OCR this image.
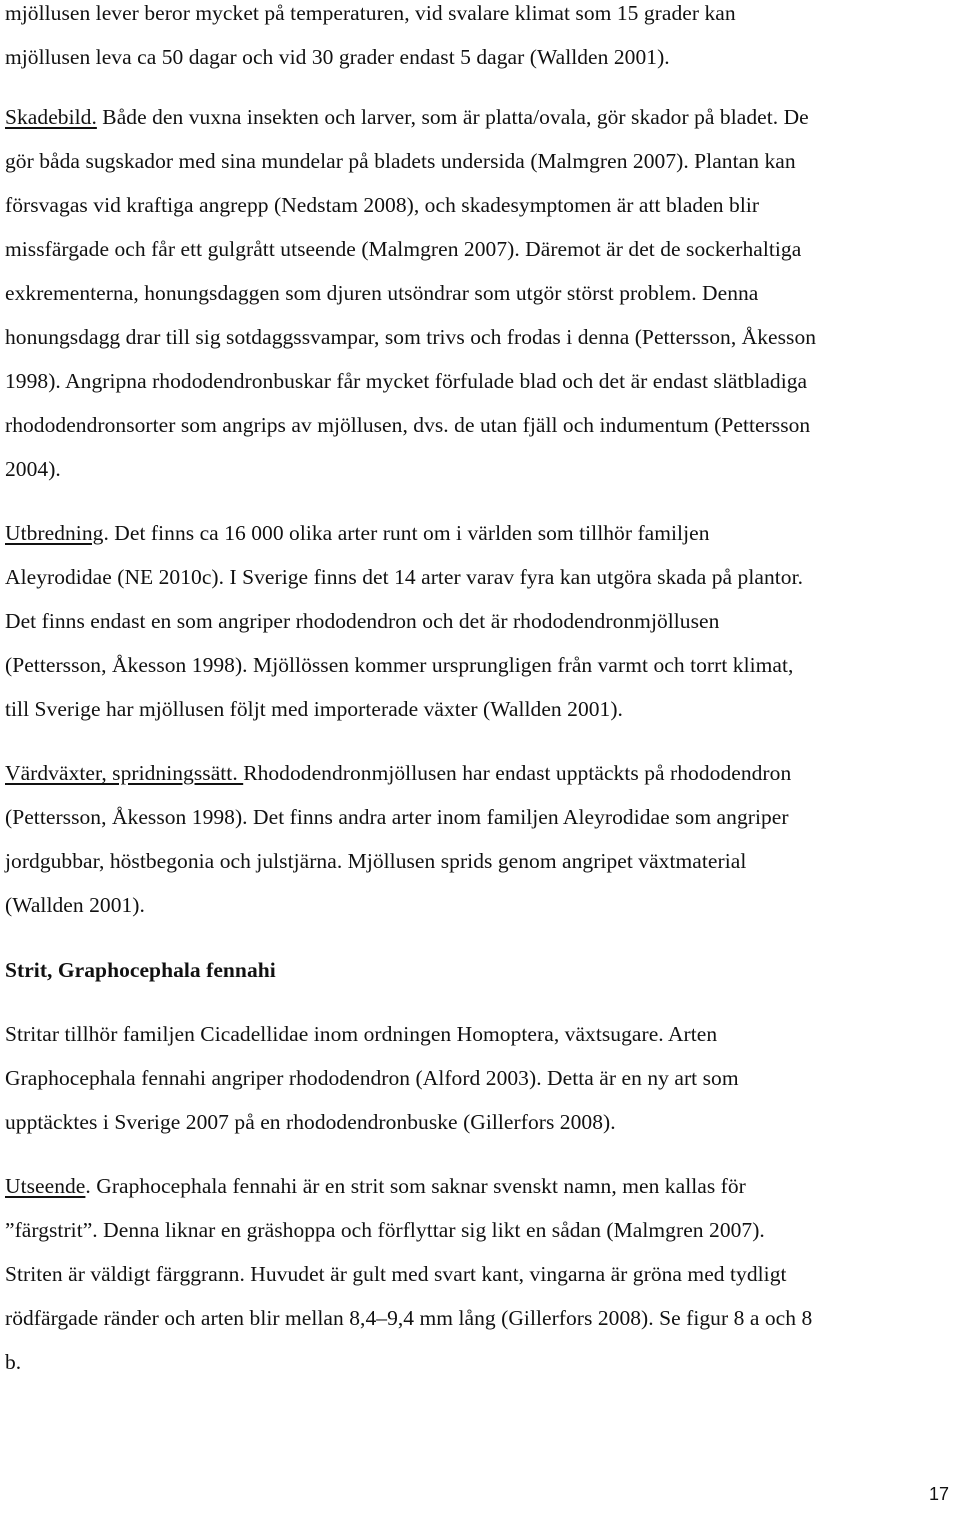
mjöllusen lever beror mycket på temperaturen, vid svalare klimat som 15 grader kan
mjöllusen leva ca 50 dagar och vid 30 grader endast 5 dagar (Wallden 2001).
Skadebild. Både den vuxna insekten och larver, som är platta/ovala, gör skador på bladet. De
gör båda sugskador med sina mundelar på bladets undersida (Malmgren 2007). Plantan kan
försvagas vid kraftiga angrepp (Nedstam 2008), och skadesymptomen är att bladen blir
missfärgade och får ett gulgrått utseende (Malmgren 2007). Däremot är det de sockerhaltiga
exkrementerna, honungsdaggen som djuren utsöndrar som utgör störst problem. Denna
honungsdagg drar till sig sotdaggssvampar, som trivs och frodas i denna (Pettersson, Åkesson
1998). Angripna rhododendronbuskar får mycket förfulade blad och det är endast slätbladiga
rhododendronsorter som angrips av mjöllusen, dvs. de utan fjäll och indumentum (Pettersson
2004).
Utbredning. Det finns ca 16 000 olika arter runt om i världen som tillhör familjen
Aleyrodidae (NE 2010c). I Sverige finns det 14 arter varav fyra kan utgöra skada på plantor.
Det finns endast en som angriper rhododendron och det är rhododendronmjöllusen
(Pettersson, Åkesson 1998). Mjöllössen kommer ursprungligen från varmt och torrt klimat,
till Sverige har mjöllusen följt med importerade växter (Wallden 2001).
Värdväxter, spridningssätt. Rhododendronmjöllusen har endast upptäckts på rhododendron
(Pettersson, Åkesson 1998). Det finns andra arter inom familjen Aleyrodidae som angriper
jordgubbar, höstbegonia och julstjärna. Mjöllusen sprids genom angripet växtmaterial
(Wallden 2001).
Strit, Graphocephala fennahi
Stritar tillhör familjen Cicadellidae inom ordningen Homoptera, växtsugare. Arten
Graphocephala fennahi angriper rhododendron (Alford 2003). Detta är en ny art som
upptäcktes i Sverige 2007 på en rhododendronbuske (Gillerfors 2008).
Utseende. Graphocephala fennahi är en strit som saknar svenskt namn, men kallas för
”färgstrit”. Denna liknar en gräshoppa och förflyttar sig likt en sådan (Malmgren 2007).
Striten är väldigt färggrann. Huvudet är gult med svart kant, vingarna är gröna med tydligt
rödfärgade ränder och arten blir mellan 8,4–9,4 mm lång (Gillerfors 2008). Se figur 8 a och 8
b.
17
